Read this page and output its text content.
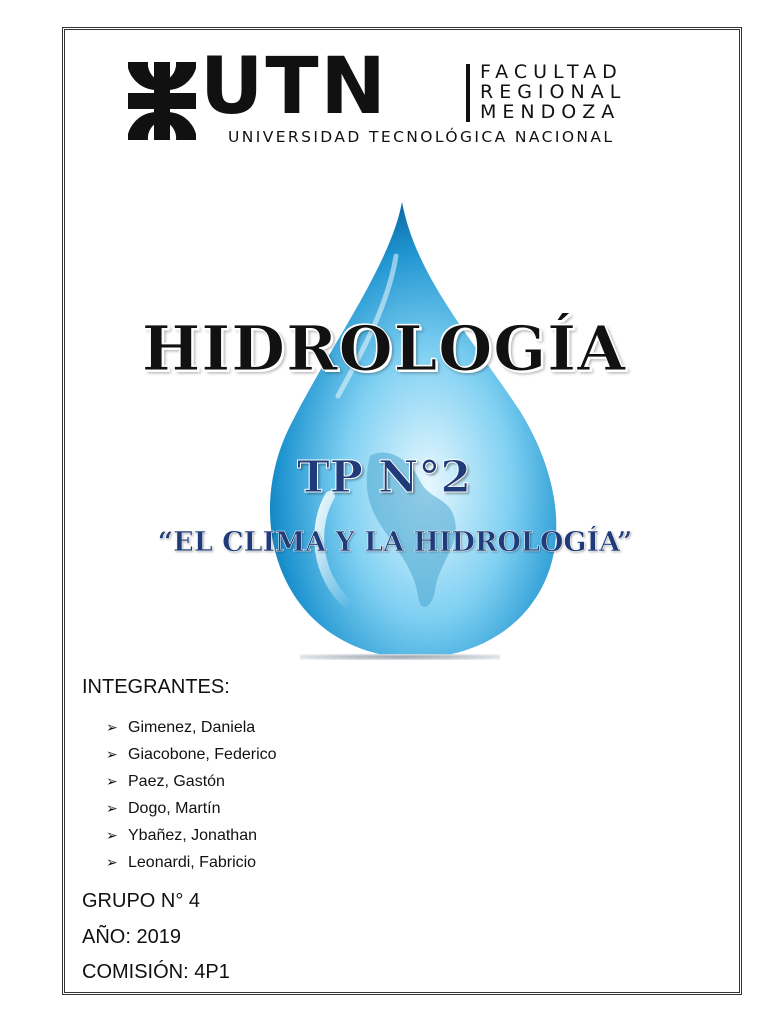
UTN	FACULTAD
REGIONAL
MENDOZA
UNIVERSIDAD TECNOLÓGICA NACIONAL
HIDROLOGÍA
TP N°2
“EL CLIMA Y LA HIDROLOGÍA”
INTEGRANTES:
➢ Gimenez, Daniela
➢ Giacobone, Federico
➢ Paez, Gastón
➢ Dogo, Martín
➢ Ybañez, Jonathan
➢ Leonardi, Fabricio
GRUPO N° 4
AÑO: 2019
COMISIÓN: 4P1
